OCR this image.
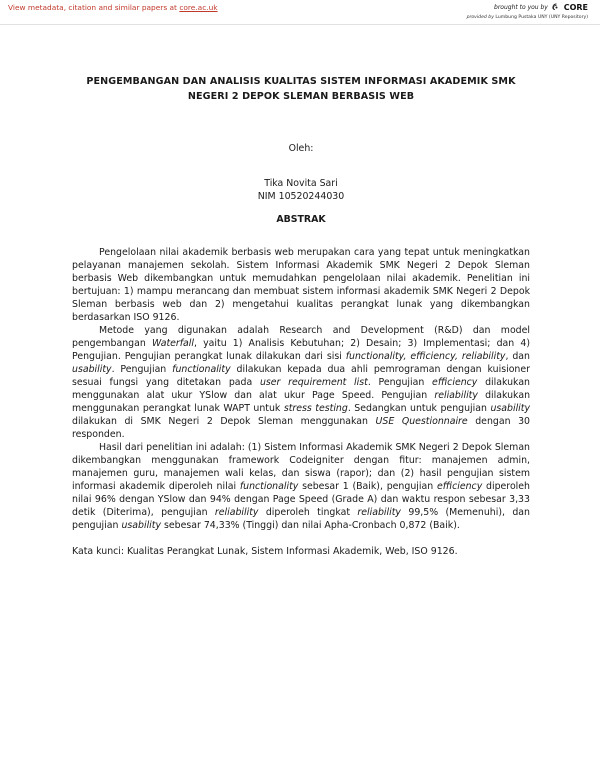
View metadata, citation and similar papers at core.ac.uk	brought to you by CORE
provided by Lumbung Pustaka UNY (UNY Repository)
PENGEMBANGAN DAN ANALISIS KUALITAS SISTEM INFORMASI AKADEMIK SMK
NEGERI 2 DEPOK SLEMAN BERBASIS WEB

Oleh:

Tika Novita Sari

NIM 10520244030

ABSTRAK

Pengelolaan nilai akademik berbasis web merupakan cara yang tepat untuk meningkatkan pelayanan manajemen sekolah. Sistem Informasi Akademik SMK Negeri 2 Depok Sleman berbasis Web dikembangkan untuk memudahkan pengelolaan nilai akademik. Penelitian ini bertujuan: 1) mampu merancang dan membuat sistem informasi akademik SMK Negeri 2 Depok Sleman berbasis web dan 2) mengetahui kualitas perangkat lunak yang dikembangkan berdasarkan ISO 9126.

Metode yang digunakan adalah Research and Development (R&D) dan model pengembangan Waterfall, yaitu 1) Analisis Kebutuhan; 2) Desain; 3) Implementasi; dan 4) Pengujian. Pengujian perangkat lunak dilakukan dari sisi functionality, efficiency, reliability, dan usability. Pengujian functionality dilakukan kepada dua ahli pemrograman dengan kuisioner sesuai fungsi yang ditetakan pada user requirement list. Pengujian efficiency dilakukan menggunakan alat ukur YSlow dan alat ukur Page Speed. Pengujian reliability dilakukan menggunakan perangkat lunak WAPT untuk stress testing. Sedangkan untuk pengujian usability dilakukan di SMK Negeri 2 Depok Sleman menggunakan USE Questionnaire dengan 30 responden.

Hasil dari penelitian ini adalah: (1) Sistem Informasi Akademik SMK Negeri 2 Depok Sleman dikembangkan menggunakan framework Codeigniter dengan fitur: manajemen admin, manajemen guru, manajemen wali kelas, dan siswa (rapor); dan (2) hasil pengujian sistem informasi akademik diperoleh nilai functionality sebesar 1 (Baik), pengujian efficiency diperoleh nilai 96% dengan YSlow dan 94% dengan Page Speed (Grade A) dan waktu respon sebesar 3,33 detik (Diterima), pengujian reliability diperoleh tingkat reliability 99,5% (Memenuhi), dan pengujian usability sebesar 74,33% (Tinggi) dan nilai Apha-Cronbach 0,872 (Baik).

Kata kunci: Kualitas Perangkat Lunak, Sistem Informasi Akademik, Web, ISO 9126.
